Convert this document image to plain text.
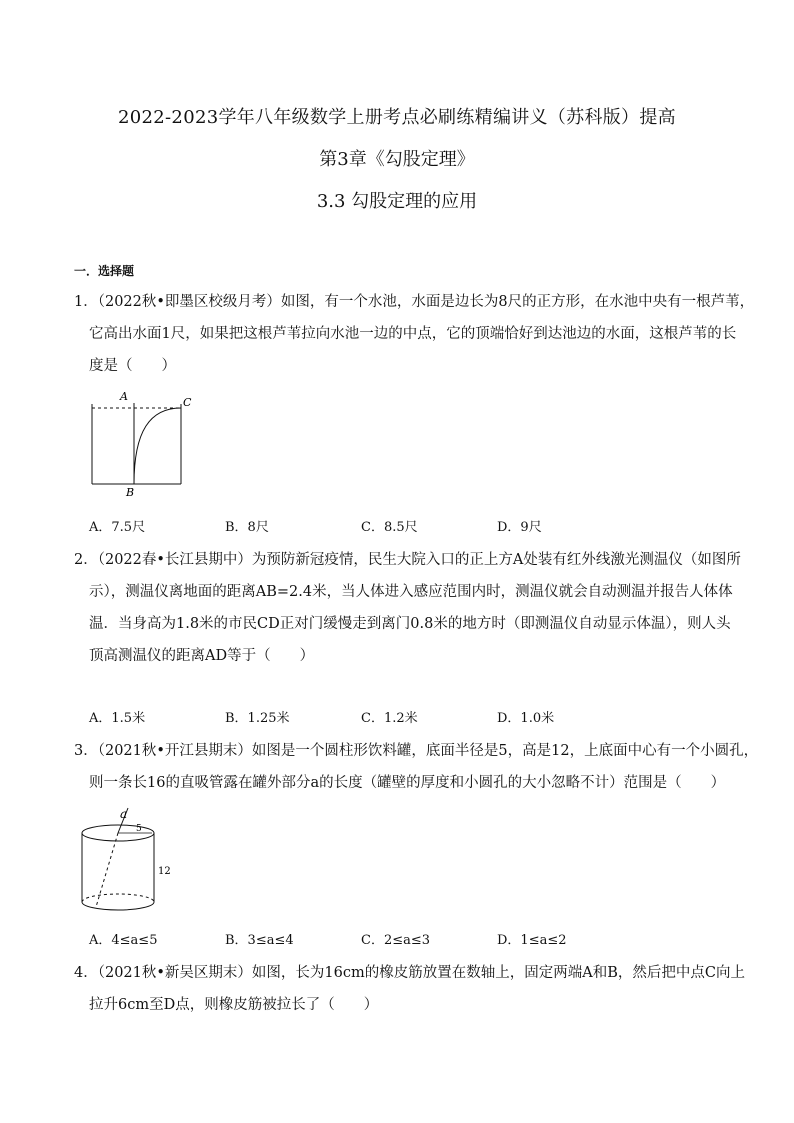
2022-2023学年八年级数学上册考点必刷练精编讲义（苏科版）提高
第3章《勾股定理》
3.3 勾股定理的应用
一．选择题
1．（2022秋•即墨区校级月考）如图，有一个水池，水面是边长为8尺的正方形，在水池中央有一根芦苇，
它高出水面1尺，如果把这根芦苇拉向水池一边的中点，它的顶端恰好到达池边的水面，这根芦苇的长
度是（　　）
A
B
C
A．7.5尺	B．8尺	C．8.5尺	D．9尺
2．（2022春•长江县期中）为预防新冠疫情，民生大院入口的正上方A处装有红外线激光测温仪（如图所
示），测温仪离地面的距离AB=2.4米，当人体进入感应范围内时，测温仪就会自动测温并报告人体体
温．当身高为1.8米的市民CD正对门缓慢走到离门0.8米的地方时（即测温仪自动显示体温），则人头
顶高测温仪的距离AD等于（　　）
A．1.5米	B．1.25米	C．1.2米	D．1.0米
3．（2021秋•开江县期末）如图是一个圆柱形饮料罐，底面半径是5，高是12，上底面中心有一个小圆孔，
则一条长16的直吸管露在罐外部分a的长度（罐壁的厚度和小圆孔的大小忽略不计）范围是（　　）
a
5
12
A．4≤a≤5	B．3≤a≤4	C．2≤a≤3	D．1≤a≤2
4．（2021秋•新吴区期末）如图，长为16cm的橡皮筋放置在数轴上，固定两端A和B，然后把中点C向上
拉升6cm至D点，则橡皮筋被拉长了（　　）
